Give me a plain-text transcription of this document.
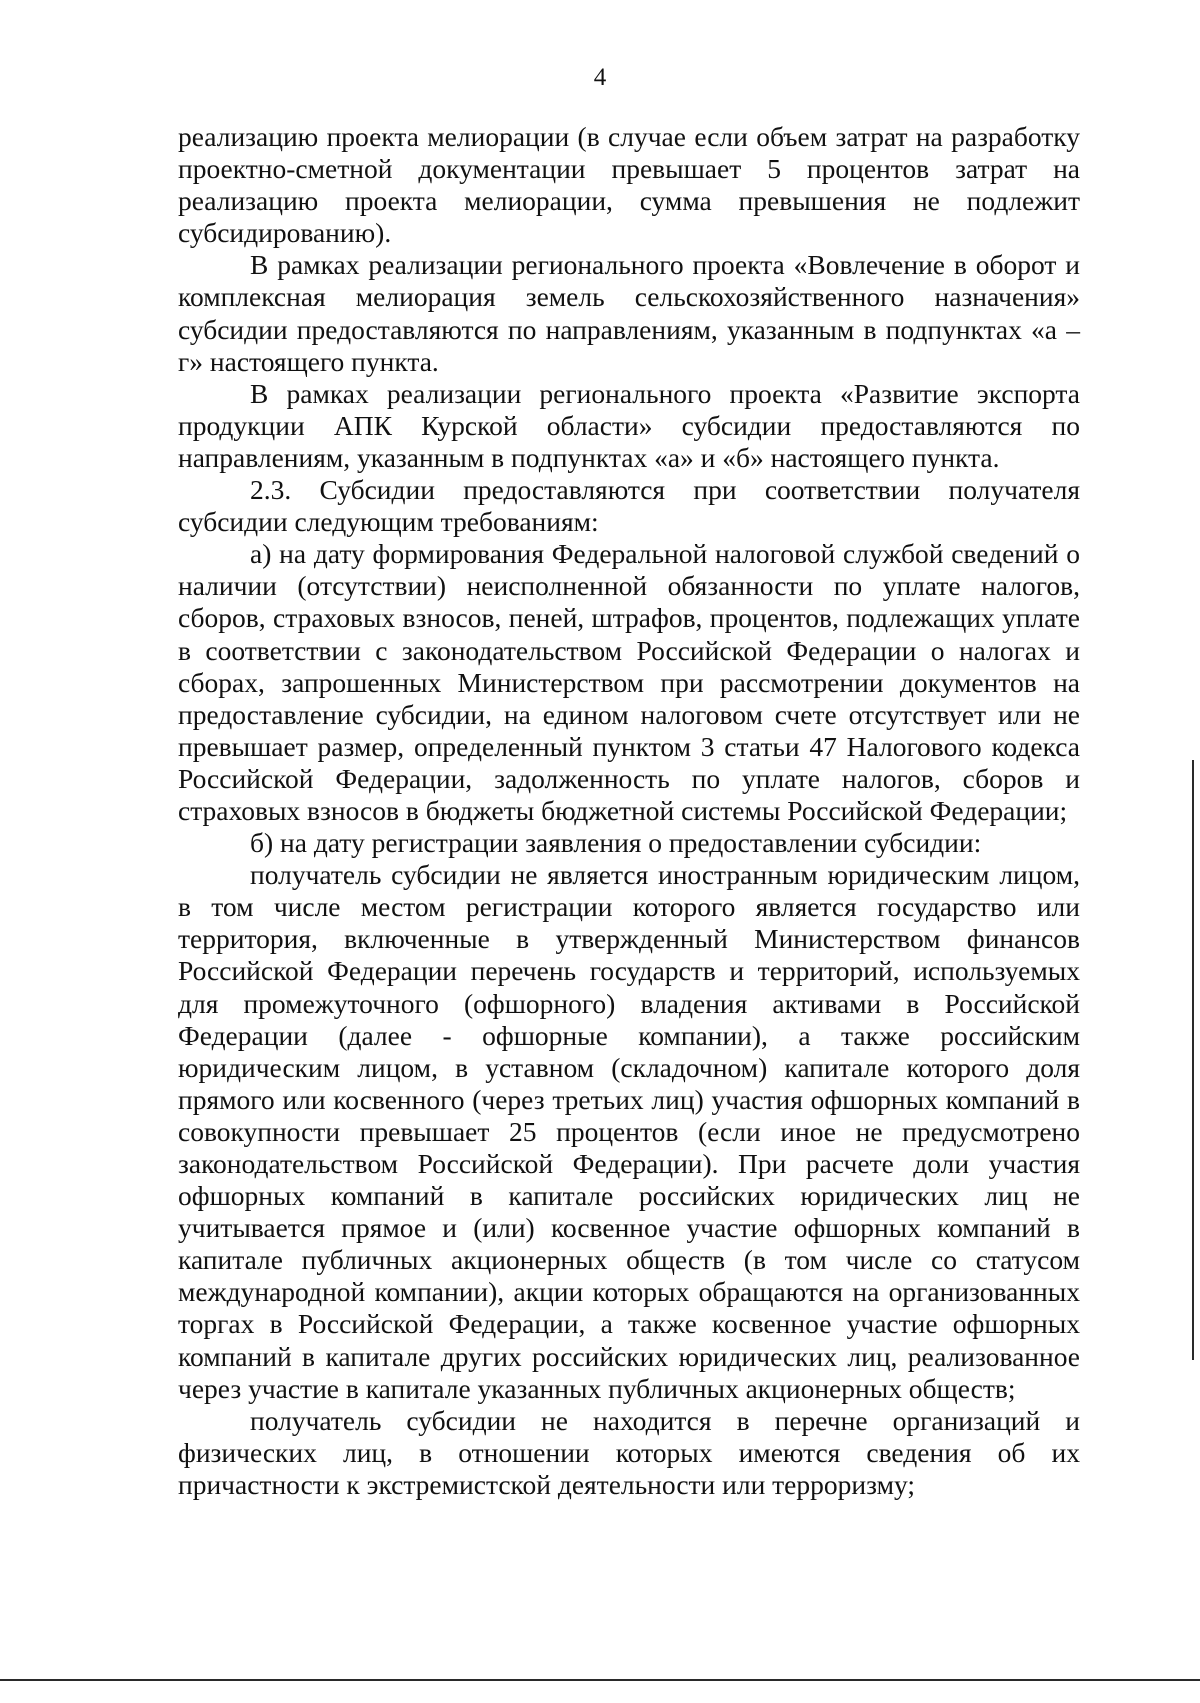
4

реализацию проекта мелиорации (в случае если объем затрат на разработку проектно-сметной документации превышает 5 процентов затрат на реализацию проекта мелиорации, сумма превышения не подлежит субсидированию).

В рамках реализации регионального проекта «Вовлечение в оборот и комплексная мелиорация земель сельскохозяйственного назначения» субсидии предоставляются по направлениям, указанным в подпунктах «а – г» настоящего пункта.

В рамках реализации регионального проекта «Развитие экспорта продукции АПК Курской области» субсидии предоставляются по направлениям, указанным в подпунктах «а» и «б» настоящего пункта.

2.3. Субсидии предоставляются при соответствии получателя субсидии следующим требованиям:

а) на дату формирования Федеральной налоговой службой сведений о наличии (отсутствии) неисполненной обязанности по уплате налогов, сборов, страховых взносов, пеней, штрафов, процентов, подлежащих уплате в соответствии с законодательством Российской Федерации о налогах и сборах, запрошенных Министерством при рассмотрении документов на предоставление субсидии, на едином налоговом счете отсутствует или не превышает размер, определенный пунктом 3 статьи 47 Налогового кодекса Российской Федерации, задолженность по уплате налогов, сборов и страховых взносов в бюджеты бюджетной системы Российской Федерации;

б) на дату регистрации заявления о предоставлении субсидии:

получатель субсидии не является иностранным юридическим лицом, в том числе местом регистрации которого является государство или территория, включенные в утвержденный Министерством финансов Российской Федерации перечень государств и территорий, используемых для промежуточного (офшорного) владения активами в Российской Федерации (далее - офшорные компании), а также российским юридическим лицом, в уставном (складочном) капитале которого доля прямого или косвенного (через третьих лиц) участия офшорных компаний в совокупности превышает 25 процентов (если иное не предусмотрено законодательством Российской Федерации). При расчете доли участия офшорных компаний в капитале российских юридических лиц не учитывается прямое и (или) косвенное участие офшорных компаний в капитале публичных акционерных обществ (в том числе со статусом международной компании), акции которых обращаются на организованных торгах в Российской Федерации, а также косвенное участие офшорных компаний в капитале других российских юридических лиц, реализованное через участие в капитале указанных публичных акционерных обществ;

получатель субсидии не находится в перечне организаций и физических лиц, в отношении которых имеются сведения об их причастности к экстремистской деятельности или терроризму;
